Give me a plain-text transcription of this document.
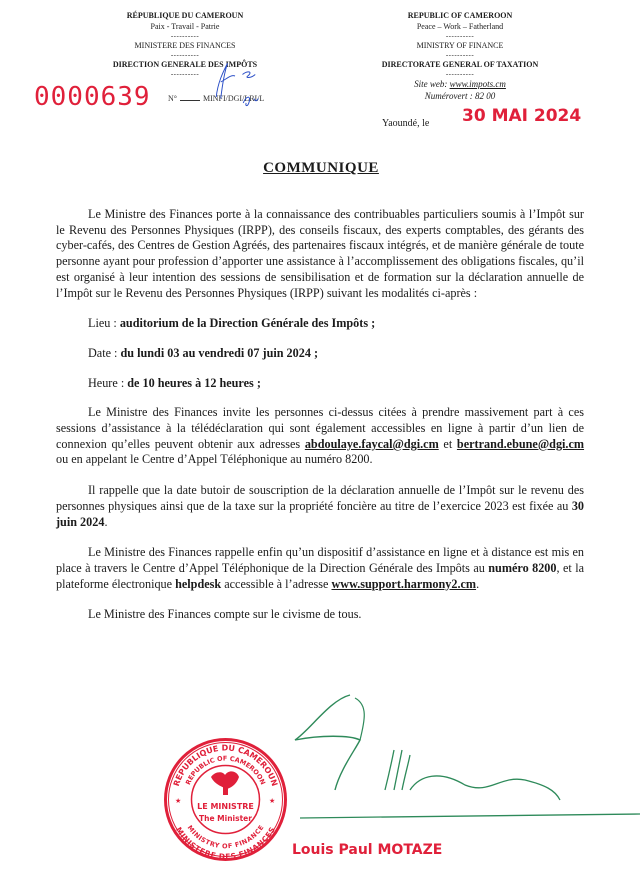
RÉPUBLIQUE DU CAMEROUN
Paix - Travail - Patrie
----------
MINISTERE DES FINANCES
----------
DIRECTION GENERALE DES IMPÔTS
----------
0000639 N°	MINFI/DGI/LRI/L
REPUBLIC OF CAMEROON
Peace – Work – Fatherland
----------
MINISTRY OF FINANCE
----------
DIRECTORATE GENERAL OF TAXATION
----------
Site web: www.impots.cm
Numérovert : 82 00
Yaoundé, le 30 MAI 2024
COMMUNIQUE

Le Ministre des Finances porte à la connaissance des contribuables particuliers soumis à l’Impôt sur le Revenu des Personnes Physiques (IRPP), des conseils fiscaux, des experts comptables, des gérants des cyber-cafés, des Centres de Gestion Agréés, des partenaires fiscaux intégrés, et de manière générale de toute personne ayant pour profession d’apporter une assistance à l’accomplissement des obligations fiscales, qu’il est organisé à leur intention des sessions de sensibilisation et de formation sur la déclaration annuelle de l’Impôt sur le Revenu des Personnes Physiques (IRPP) suivant les modalités ci-après :

Lieu : auditorium de la Direction Générale des Impôts ;

Date : du lundi 03 au vendredi 07 juin 2024 ;

Heure : de 10 heures à 12 heures ;

Le Ministre des Finances invite les personnes ci-dessus citées à prendre massivement part à ces sessions d’assistance à la télédéclaration qui sont également accessibles en ligne à partir d’un lien de connexion qu’elles peuvent obtenir aux adresses abdoulaye.faycal@dgi.cm et bertrand.ebune@dgi.cm ou en appelant le Centre d’Appel Téléphonique au numéro 8200.

Il rappelle que la date butoir de souscription de la déclaration annuelle de l’Impôt sur le revenu des personnes physiques ainsi que de la taxe sur la propriété foncière au titre de l’exercice 2023 est fixée au 30 juin 2024.

Le Ministre des Finances rappelle enfin qu’un dispositif d’assistance en ligne et à distance est mis en place à travers le Centre d’Appel Téléphonique de la Direction Générale des Impôts au numéro 8200, et la plateforme électronique helpdesk accessible à l’adresse www.support.harmony2.cm.

Le Ministre des Finances compte sur le civisme de tous.

REPUBLIQUE DU CAMEROUN
REPUBLIC OF CAMEROON
MINISTERE DES FINANCES
MINISTRY OF FINANCE
LE MINISTRE
The Minister
★	★
Louis Paul MOTAZE
